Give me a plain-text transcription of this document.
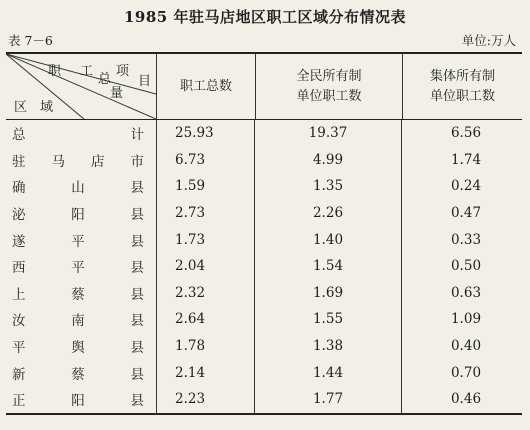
1985 年驻马店地区职工区域分布情况表
表 7－6	单位:万人
职 工
总
项
量
目
区　域
职工总数
全民所有制
单位职工数
集体所有制
单位职工数
总	计	25.93	19.37	6.56
驻 马 店 市	6.73	4.99	1.74
确	山	县	1.59	1.35	0.24
泌	阳	县	2.73	2.26	0.47
遂	平	县	1.73	1.40	0.33
西	平	县	2.04	1.54	0.50
上	蔡	县	2.32	1.69	0.63
汝	南	县	2.64	1.55	1.09
平	舆	县	1.78	1.38	0.40
新	蔡	县	2.14	1.44	0.70
正	阳	县	2.23	1.77	0.46
